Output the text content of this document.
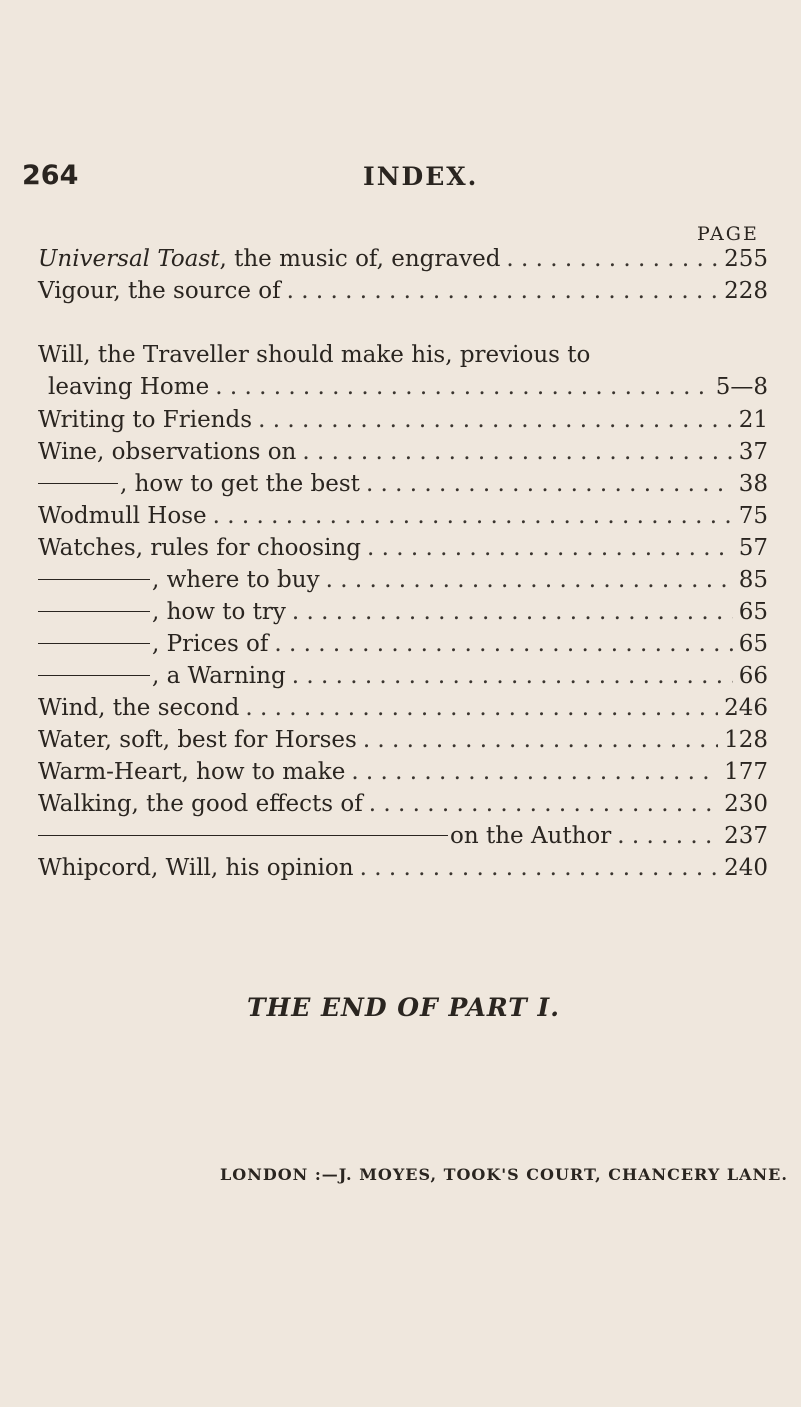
264	INDEX.
PAGE
Universal Toast, the music of, engraved . . .	255
Vigour, the source of . . .	228
Will, the Traveller should make his, previous to
leaving Home . . .	5—8
Writing to Friends . . .	21
Wine, observations on . . .	37
, how to get the best . . .	38
Wodmull Hose . . .	75
Watches, rules for choosing . . .	57
, where to buy . . .	85
, how to try . . .	65
, Prices of . . .	65
, a Warning . . .	66
Wind, the second . . .	246
Water, soft, best for Horses . . .	128
Warm-Heart, how to make . . .	177
Walking, the good effects of . . .	230
on the Author . . .	237
Whipcord, Will, his opinion . . .	240
THE END OF PART I.
LONDON :—J. MOYES, TOOK'S COURT, CHANCERY LANE.
